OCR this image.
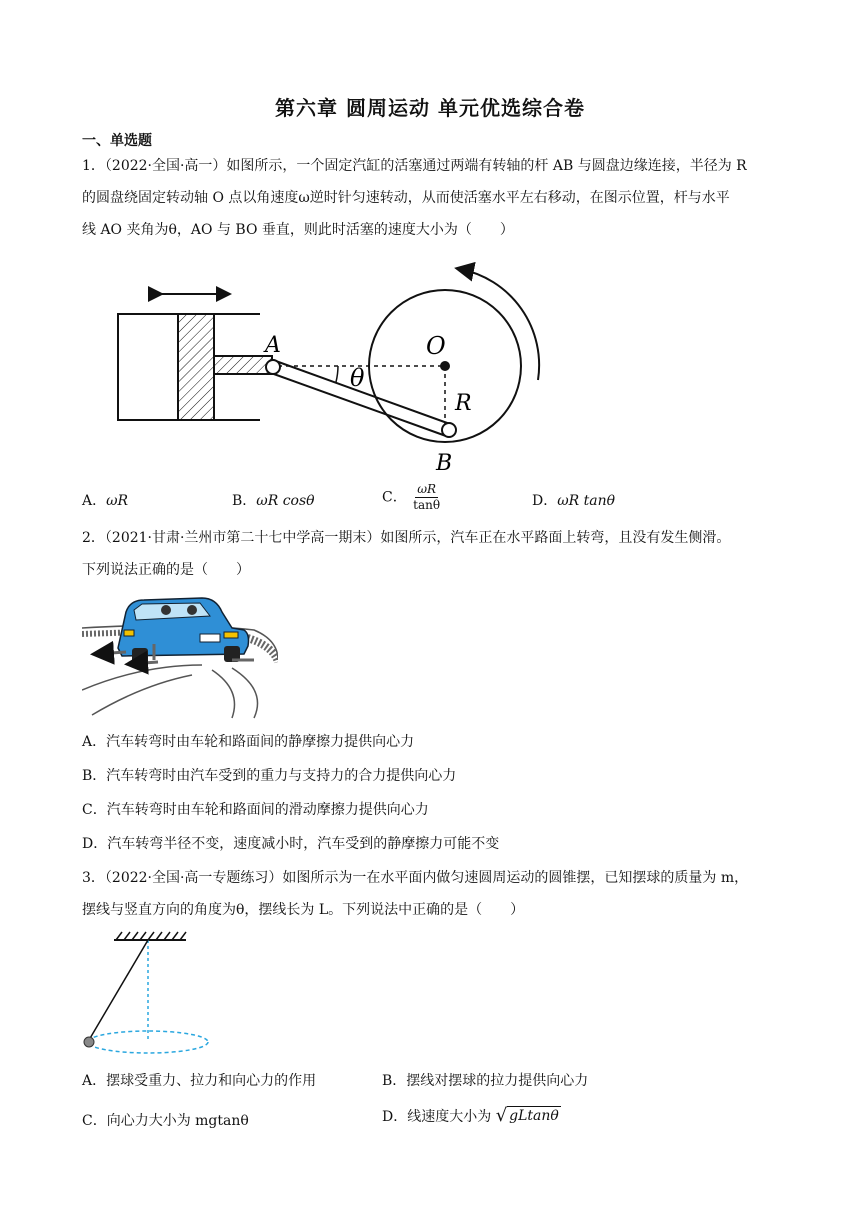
第六章 圆周运动 单元优选综合卷
一、单选题
1．（2022·全国·高一）如图所示，一个固定汽缸的活塞通过两端有转轴的杆 AB 与圆盘边缘连接，半径为 R
的圆盘绕固定转动轴 O 点以角速度ω逆时针匀速转动，从而使活塞水平左右移动，在图示位置，杆与水平
线 AO 夹角为θ，AO 与 BO 垂直，则此时活塞的速度大小为（　　）
A	O
θ
R
B
A．ωR	B．ωR cosθ	C． $\frac{\omega R}{\tan\theta}$	D．ωR tanθ
2．（2021·甘肃·兰州市第二十七中学高一期末）如图所示，汽车正在水平路面上转弯，且没有发生侧滑。
下列说法正确的是（　　）
A．汽车转弯时由车轮和路面间的静摩擦力提供向心力
B．汽车转弯时由汽车受到的重力与支持力的合力提供向心力
C．汽车转弯时由车轮和路面间的滑动摩擦力提供向心力
D．汽车转弯半径不变，速度减小时，汽车受到的静摩擦力可能不变
3．（2022·全国·高一专题练习）如图所示为一在水平面内做匀速圆周运动的圆锥摆，已知摆球的质量为 m，
摆线与竖直方向的角度为θ，摆线长为 L。下列说法中正确的是（　　）
A．摆球受重力、拉力和向心力的作用	B．摆线对摆球的拉力提供向心力
C．向心力大小为 mgtanθ	D．线速度大小为 √ gLtanθ
